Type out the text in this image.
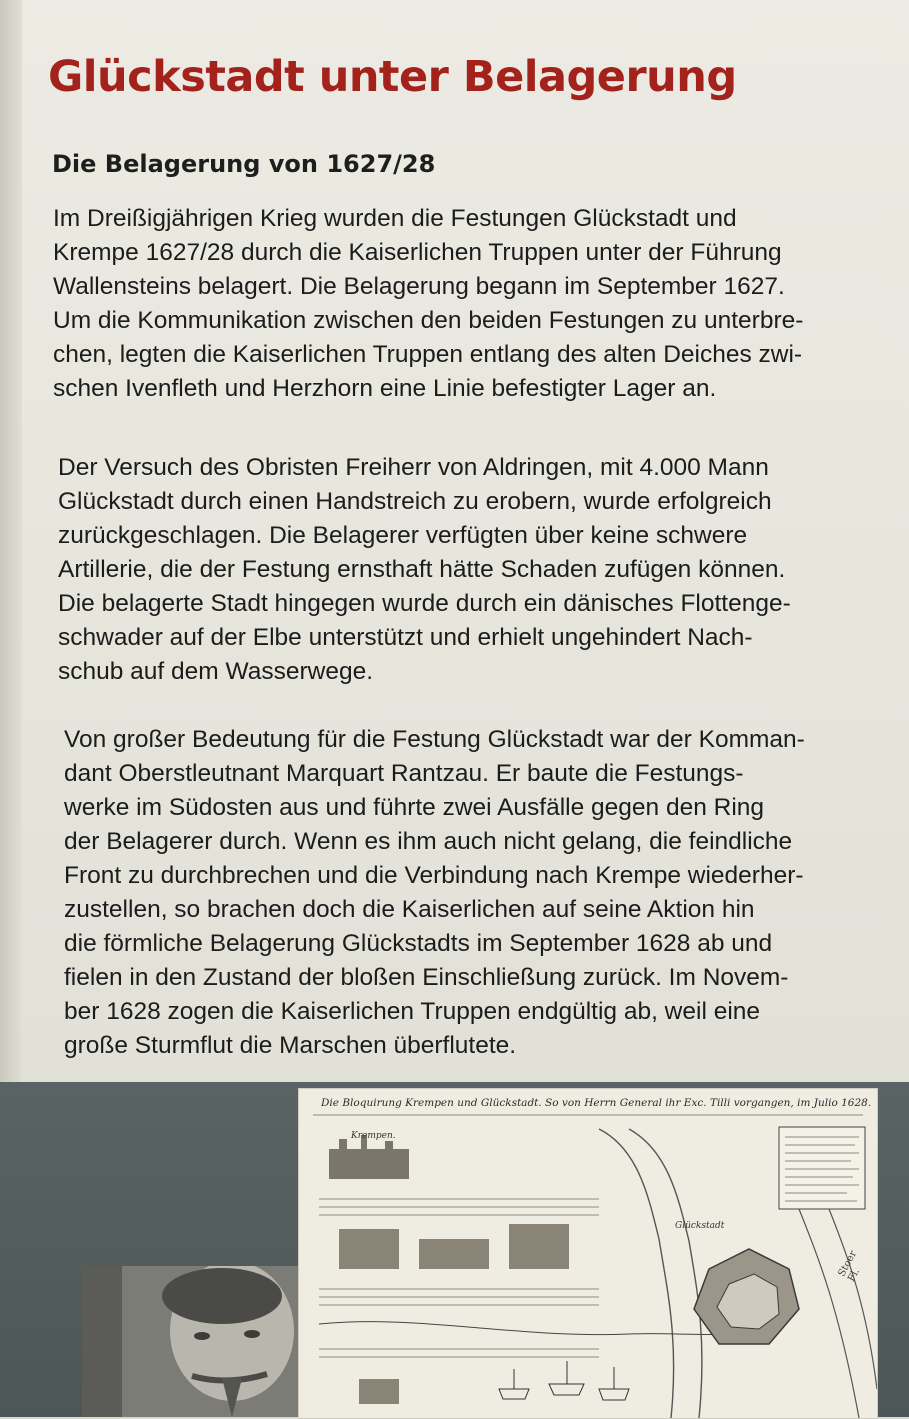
Glückstadt unter Belagerung
Die Belagerung von 1627/28
Im Dreißigjährigen Krieg wurden die Festungen Glückstadt und
Krempe 1627/28 durch die Kaiserlichen Truppen unter der Führung
Wallensteins belagert. Die Belagerung begann im September 1627.
Um die Kommunikation zwischen den beiden Festungen zu unterbre-
chen, legten die Kaiserlichen Truppen entlang des alten Deiches zwi-
schen Ivenfleth und Herzhorn eine Linie befestigter Lager an.
Der Versuch des Obristen Freiherr von Aldringen, mit 4.000 Mann
Glückstadt durch einen Handstreich zu erobern, wurde erfolgreich
zurückgeschlagen. Die Belagerer verfügten über keine schwere
Artillerie, die der Festung ernsthaft hätte Schaden zufügen können.
Die belagerte Stadt hingegen wurde durch ein dänisches Flottenge-
schwader auf der Elbe unterstützt und erhielt ungehindert Nach-
schub auf dem Wasserwege.
Von großer Bedeutung für die Festung Glückstadt war der Komman-
dant Oberstleutnant Marquart Rantzau. Er baute die Festungs-
werke im Südosten aus und führte zwei Ausfälle gegen den Ring
der Belagerer durch. Wenn es ihm auch nicht gelang, die feindliche
Front zu durchbrechen und die Verbindung nach Krempe wiederher-
zustellen, so brachen doch die Kaiserlichen auf seine Aktion hin
die förmliche Belagerung Glückstadts im September 1628 ab und
fielen in den Zustand der bloßen Einschließung zurück. Im Novem-
ber 1628 zogen die Kaiserlichen Truppen endgültig ab, weil eine
große Sturmflut die Marschen überflutete.
Die Bloquirung Krempen und Glückstadt. So von Herrn General ihr Exc. Tilli vorgangen, im Julio 1628.
Krempen.
Glückstadt
Stoer Fl.
